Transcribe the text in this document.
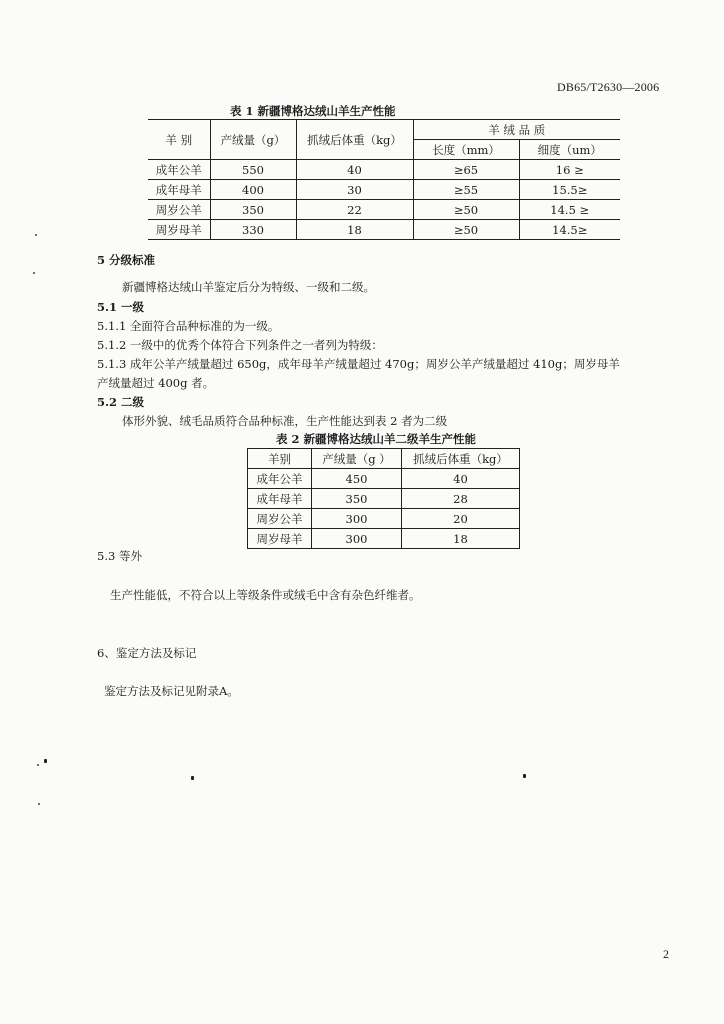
DB65/T2630—2006
表 1 新疆博格达绒山羊生产性能
羊 别	产绒量（g）	抓绒后体重（kg）	羊 绒 品 质	
			长度（mm）	细度（um）
成年公羊	550	40	≥65	16 ≥
成年母羊	400	30	≥55	15.5≥
周岁公羊	350	22	≥50	14.5 ≥
周岁母羊	330	18	≥50	14.5≥
5 分级标准
新疆博格达绒山羊鉴定后分为特级、一级和二级。
5.1 一级
5.1.1 全面符合品种标准的为一级。
5.1.2 一级中的优秀个体符合下列条件之一者列为特级：
5.1.3 成年公羊产绒量超过 650g，成年母羊产绒量超过 470g；周岁公羊产绒量超过 410g；周岁母羊
产绒量超过 400g 者。
5.2 二级
体形外貌、绒毛品质符合品种标准，生产性能达到表 2 者为二级
表 2 新疆博格达绒山羊二级羊生产性能
羊别	产绒量（g ）	抓绒后体重（kg）
成年公羊	450	40
成年母羊	350	28
周岁公羊	300	20
周岁母羊	300	18
5.3 等外
生产性能低，不符合以上等级条件或绒毛中含有杂色纤维者。
6、鉴定方法及标记
鉴定方法及标记见附录A。
2
